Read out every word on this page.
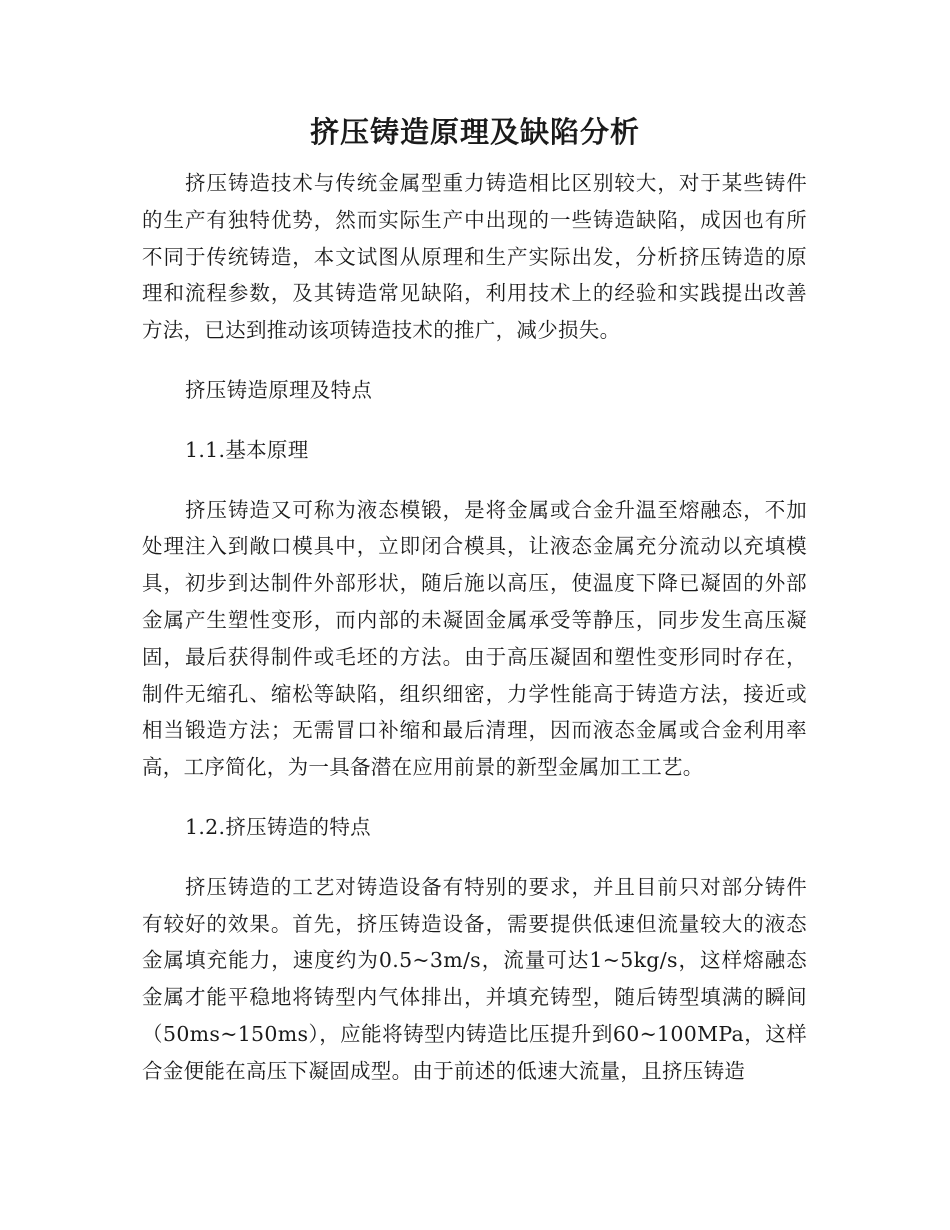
挤压铸造原理及缺陷分析

挤压铸造技术与传统金属型重力铸造相比区别较大，对于某些铸件的生产有独特优势，然而实际生产中出现的一些铸造缺陷，成因也有所不同于传统铸造，本文试图从原理和生产实际出发，分析挤压铸造的原理和流程参数，及其铸造常见缺陷，利用技术上的经验和实践提出改善方法，已达到推动该项铸造技术的推广，减少损失。

挤压铸造原理及特点

1.1.基本原理

挤压铸造又可称为液态模锻，是将金属或合金升温至熔融态，不加处理注入到敞口模具中，立即闭合模具，让液态金属充分流动以充填模具，初步到达制件外部形状，随后施以高压，使温度下降已凝固的外部金属产生塑性变形，而内部的未凝固金属承受等静压，同步发生高压凝固，最后获得制件或毛坯的方法。由于高压凝固和塑性变形同时存在，制件无缩孔、缩松等缺陷，组织细密，力学性能高于铸造方法，接近或相当锻造方法；无需冒口补缩和最后清理，因而液态金属或合金利用率高，工序简化，为一具备潜在应用前景的新型金属加工工艺。

1.2.挤压铸造的特点

挤压铸造的工艺对铸造设备有特别的要求，并且目前只对部分铸件有较好的效果。首先，挤压铸造设备，需要提供低速但流量较大的液态金属填充能力，速度约为0.5~3m/s，流量可达1~5kg/s，这样熔融态金属才能平稳地将铸型内气体排出，并填充铸型，随后铸型填满的瞬间（50ms~150ms），应能将铸型内铸造比压提升到60~100MPa，这样合金便能在高压下凝固成型。由于前述的低速大流量，且挤压铸造
